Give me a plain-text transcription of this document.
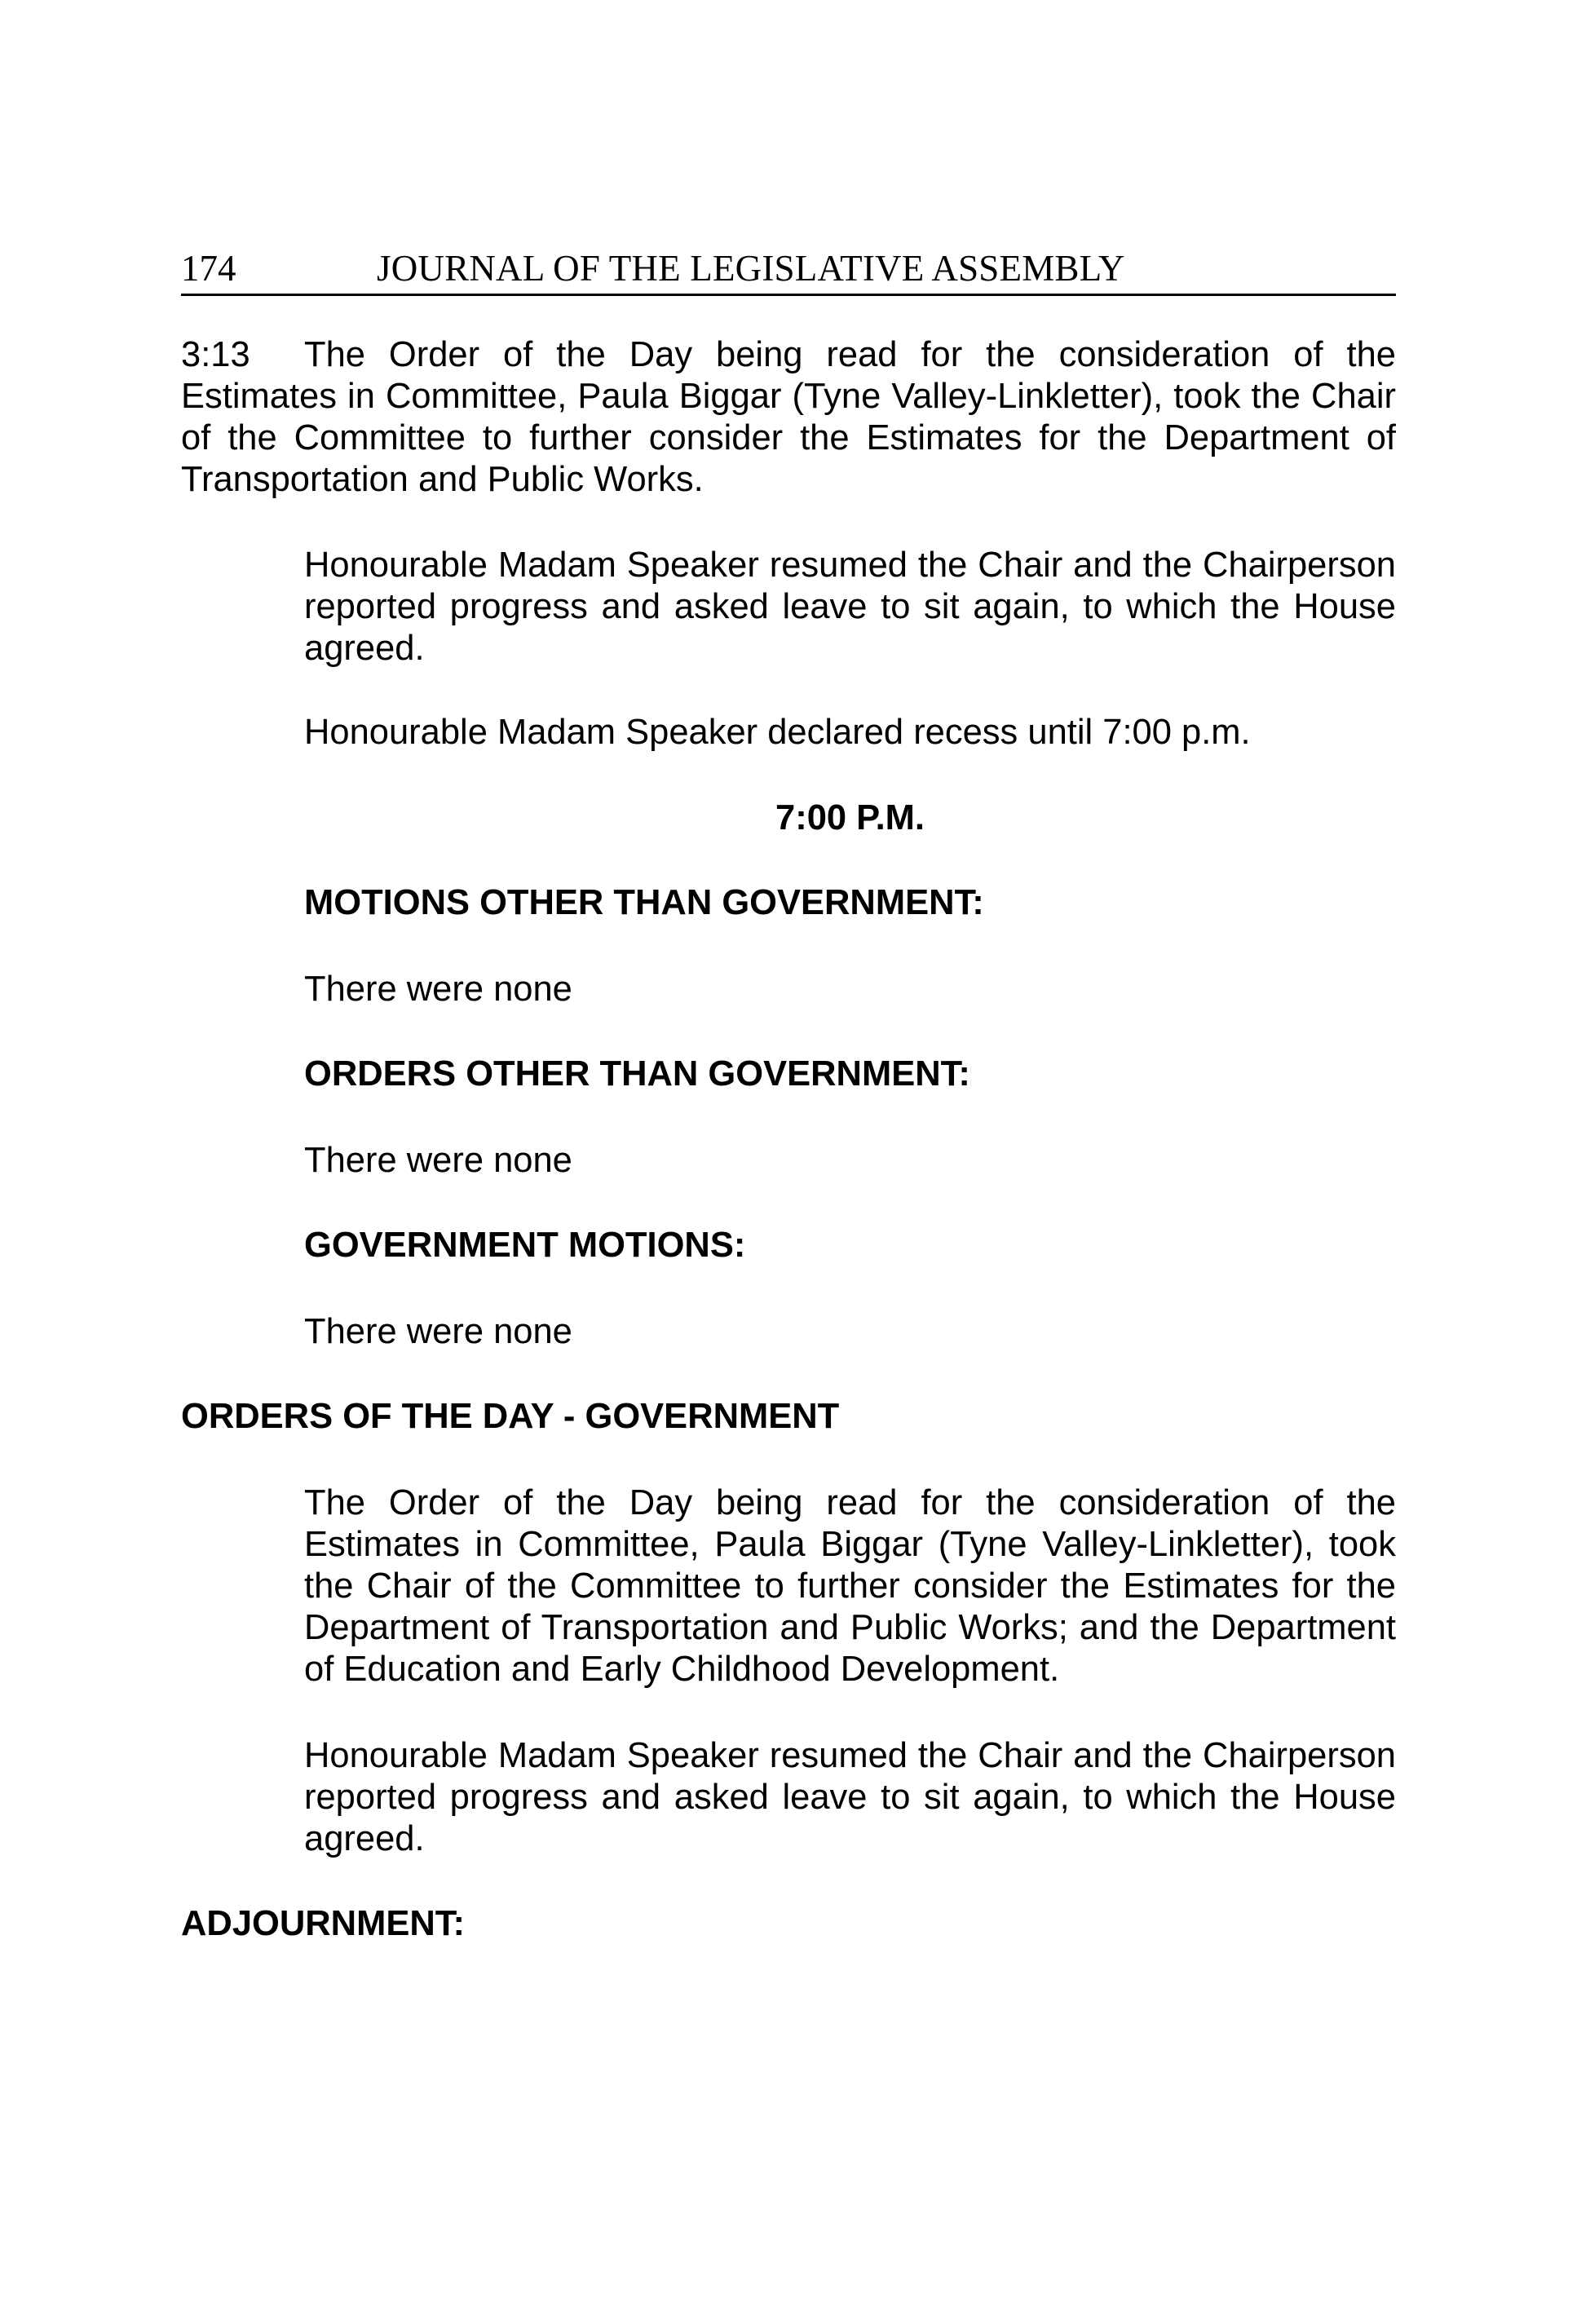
174	JOURNAL OF THE LEGISLATIVE ASSEMBLY
3:13 The Order of the Day being read for the consideration of the Estimates in Committee, Paula Biggar (Tyne Valley-Linkletter), took the Chair of the Committee to further consider the Estimates for the Department of Transportation and Public Works.
Honourable Madam Speaker resumed the Chair and the Chairperson reported progress and asked leave to sit again, to which the House agreed.
Honourable Madam Speaker declared recess until 7:00 p.m.
7:00 P.M.
MOTIONS OTHER THAN GOVERNMENT:
There were none
ORDERS OTHER THAN GOVERNMENT:
There were none
GOVERNMENT MOTIONS:
There were none
ORDERS OF THE DAY - GOVERNMENT
The Order of the Day being read for the consideration of the Estimates in Committee, Paula Biggar (Tyne Valley-Linkletter), took the Chair of the Committee to further consider the Estimates for the Department of Transportation and Public Works; and the Department of Education and Early Childhood Development.
Honourable Madam Speaker resumed the Chair and the Chairperson reported progress and asked leave to sit again, to which the House agreed.
ADJOURNMENT:
